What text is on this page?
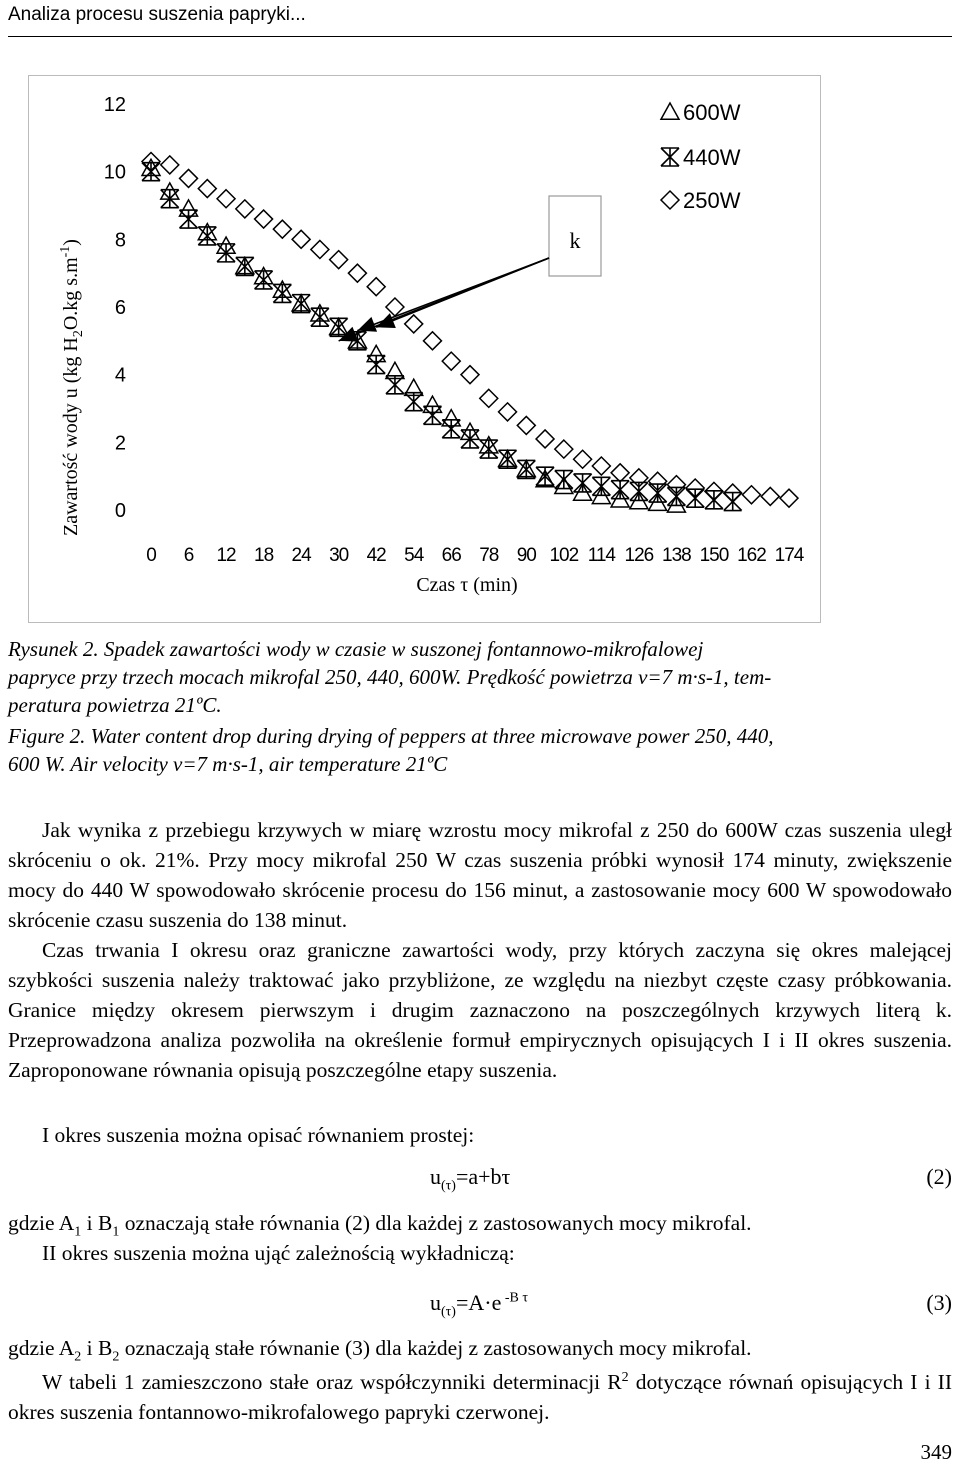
Analiza procesu suszenia papryki...
0
2
4
6
8
10
12
0 6 12 18 24 30 42 54 66 78 90 102 114 126 138 150 162 174
Czas τ (min)
Zawartość wody u (kg $H_2O.kg$ $s.m^{-1}$)	k
600W
440W
250W
Rysunek 2. Spadek zawartości wody w czasie w suszonej fontannowo-mikrofalowej
papryce przy trzech mocach mikrofal 250, 440, 600W. Prędkość powietrza v=7 m·s-1, tem-
peratura powietrza 21ºC.
Figure 2. Water content drop during drying of peppers at three microwave power 250, 440,
600 W. Air velocity v=7 m·s-1, air temperature 21ºC

Jak wynika z przebiegu krzywych w miarę wzrostu mocy mikrofal z 250 do 600W czas suszenia uległ skróceniu o ok. 21%. Przy mocy mikrofal 250 W czas suszenia próbki wynosił 174 minuty, zwiększenie mocy do 440 W spowodowało skrócenie procesu do 156 minut, a zastosowanie mocy 600 W spowodowało skrócenie czasu suszenia do 138 minut.

Czas trwania I okresu oraz graniczne zawartości wody, przy których zaczyna się okres malejącej szybkości suszenia należy traktować jako przybliżone, ze względu na niezbyt częste czasy próbkowania. Granice między okresem pierwszym i drugim zaznaczono na poszczególnych krzywych literą k. Przeprowadzona analiza pozwoliła na określenie formuł empirycznych opisujących I i II okres suszenia. Zaproponowane równania opisują poszczególne etapy suszenia.

I okres suszenia można opisać równaniem prostej:

$u_{(\tau)}=a+b\tau$	(2)

gdzie $A_1$ i $B_1$ oznaczają stałe równania (2) dla każdej z zastosowanych mocy mikrofal.

II okres suszenia można ująć zależnością wykładniczą:

$u_{(\tau)}=A\cdot e$ $^{-B \tau}$	(3)

gdzie $A_2$ i $B_2$ oznaczają stałe równanie (3) dla każdej z zastosowanych mocy mikrofal.

W tabeli 1 zamieszczono stałe oraz współczynniki determinacji $R^2$ dotyczące równań opisujących I i II okres suszenia fontannowo-mikrofalowego papryki czerwonej.

349
